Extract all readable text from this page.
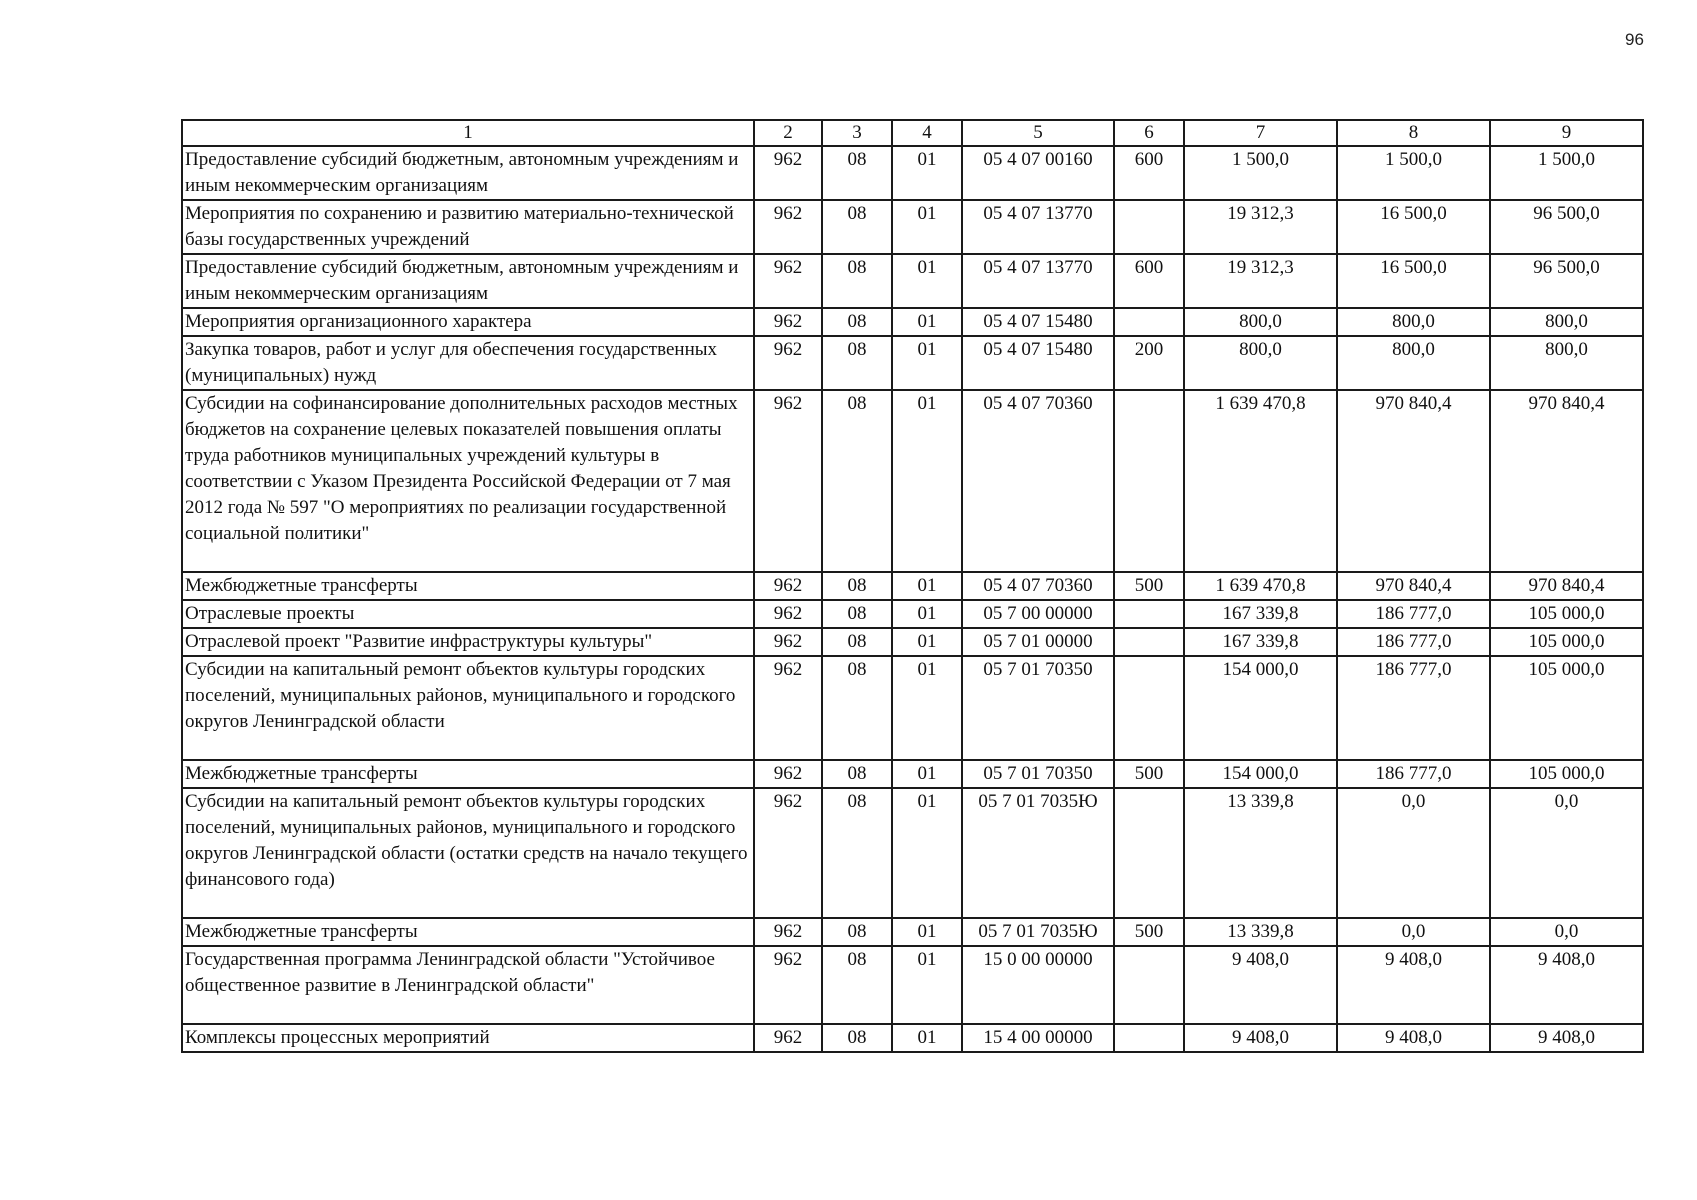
96
1	2	3	4	5	6	7	8	9
Предоставление субсидий бюджетным, автономным учреждениям и иным некоммерческим организациям	962	08	01	05 4 07 00160	600	1 500,0	1 500,0	1 500,0
Мероприятия по сохранению и развитию материально-технической базы государственных учреждений	962	08	01	05 4 07 13770		19 312,3	16 500,0	96 500,0
Предоставление субсидий бюджетным, автономным учреждениям и иным некоммерческим организациям	962	08	01	05 4 07 13770	600	19 312,3	16 500,0	96 500,0
Мероприятия организационного характера	962	08	01	05 4 07 15480		800,0	800,0	800,0
Закупка товаров, работ и услуг для обеспечения государственных (муниципальных) нужд	962	08	01	05 4 07 15480	200	800,0	800,0	800,0
Субсидии на софинансирование дополнительных расходов местных бюджетов на сохранение целевых показателей повышения оплаты труда работников муниципальных учреждений культуры в соответствии с Указом Президента Российской Федерации от 7 мая 2012 года № 597 "О мероприятиях по реализации государственной социальной политики"	962	08	01	05 4 07 70360		1 639 470,8	970 840,4	970 840,4
Межбюджетные трансферты	962	08	01	05 4 07 70360	500	1 639 470,8	970 840,4	970 840,4
Отраслевые проекты	962	08	01	05 7 00 00000		167 339,8	186 777,0	105 000,0
Отраслевой проект "Развитие инфраструктуры культуры"	962	08	01	05 7 01 00000		167 339,8	186 777,0	105 000,0
Субсидии на капитальный ремонт объектов культуры городских поселений, муниципальных районов, муниципального и городского округов Ленинградской области	962	08	01	05 7 01 70350		154 000,0	186 777,0	105 000,0
Межбюджетные трансферты	962	08	01	05 7 01 70350	500	154 000,0	186 777,0	105 000,0
Субсидии на капитальный ремонт объектов культуры городских поселений, муниципальных районов, муниципального и городского округов Ленинградской области (остатки средств на начало текущего финансового года)	962	08	01	05 7 01 7035Ю		13 339,8	0,0	0,0
Межбюджетные трансферты	962	08	01	05 7 01 7035Ю	500	13 339,8	0,0	0,0
Государственная программа Ленинградской области "Устойчивое общественное развитие в Ленинградской области"	962	08	01	15 0 00 00000		9 408,0	9 408,0	9 408,0
Комплексы процессных мероприятий	962	08	01	15 4 00 00000		9 408,0	9 408,0	9 408,0
